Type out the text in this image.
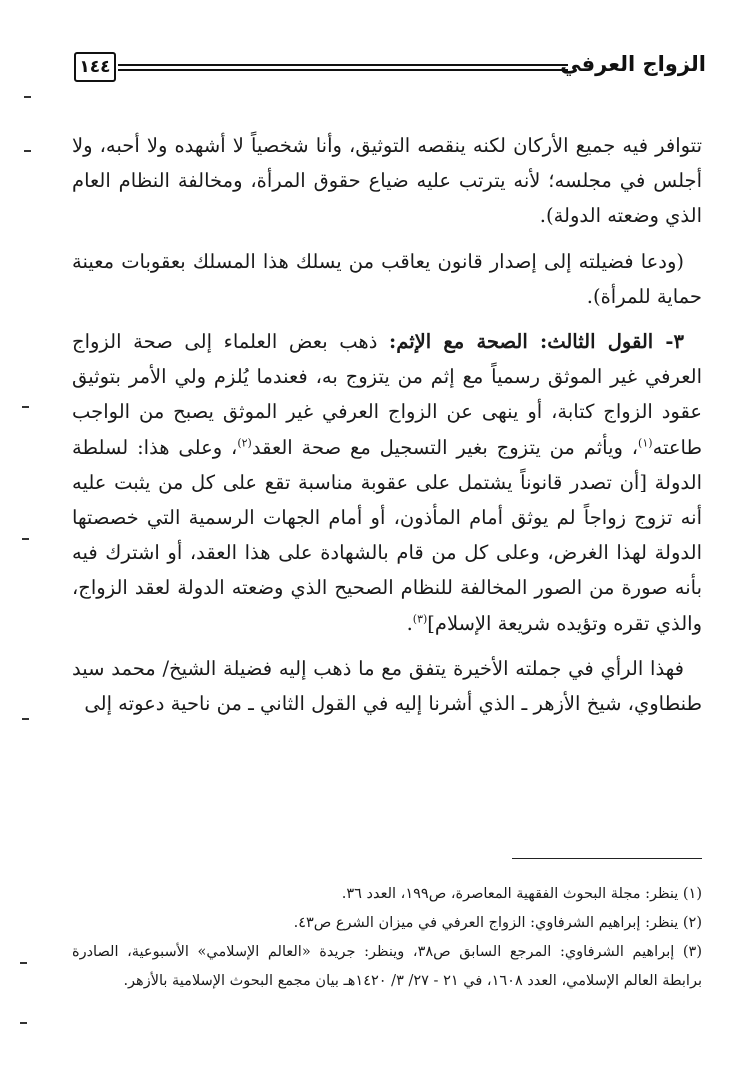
الزواج العرفي
١٤٤

تتوافر فيه جميع الأركان لكنه ينقصه التوثيق، وأنا شخصياً لا أشهده ولا أحبه، ولا أجلس في مجلسه؛ لأنه يترتب عليه ضياع حقوق المرأة، ومخالفة النظام العام الذي وضعته الدولة).

(ودعا فضيلته إلى إصدار قانون يعاقب من يسلك هذا المسلك بعقوبات معينة حماية للمرأة).

٣- القول الثالث: الصحة مع الإثم: ذهب بعض العلماء إلى صحة الزواج العرفي غير الموثق رسمياً مع إثم من يتزوج به، فعندما يُلزم ولي الأمر بتوثيق عقود الزواج كتابة، أو ينهى عن الزواج العرفي غير الموثق يصبح من الواجب طاعته$^{(١)}$، ويأثم من يتزوج بغير التسجيل مع صحة العقد$^{(٢)}$، وعلى هذا: لسلطة الدولة [أن تصدر قانوناً يشتمل على عقوبة مناسبة تقع على كل من يثبت عليه أنه تزوج زواجاً لم يوثق أمام المأذون، أو أمام الجهات الرسمية التي خصصتها الدولة لهذا الغرض، وعلى كل من قام بالشهادة على هذا العقد، أو اشترك فيه بأنه صورة من الصور المخالفة للنظام الصحيح الذي وضعته الدولة لعقد الزواج، والذي تقره وتؤيده شريعة الإسلام]$^{(٣)}$.

فهذا الرأي في جملته الأخيرة يتفق مع ما ذهب إليه فضيلة الشيخ/ محمد سيد طنطاوي، شيخ الأزهر ـ الذي أشرنا إليه في القول الثاني ـ من ناحية دعوته إلى

(١) ينظر: مجلة البحوث الفقهية المعاصرة، ص١٩٩، العدد ٣٦.

(٢) ينظر: إبراهيم الشرفاوي: الزواج العرفي في ميزان الشرع ص٤٣.

(٣) إبراهيم الشرفاوي: المرجع السابق ص٣٨، وينظر: جريدة «العالم الإسلامي» الأسبوعية، الصادرة برابطة العالم الإسلامي، العدد ١٦٠٨، في ٢١ - ٢٧/ ٣/ ١٤٢٠هـ بيان مجمع البحوث الإسلامية بالأزهر.
